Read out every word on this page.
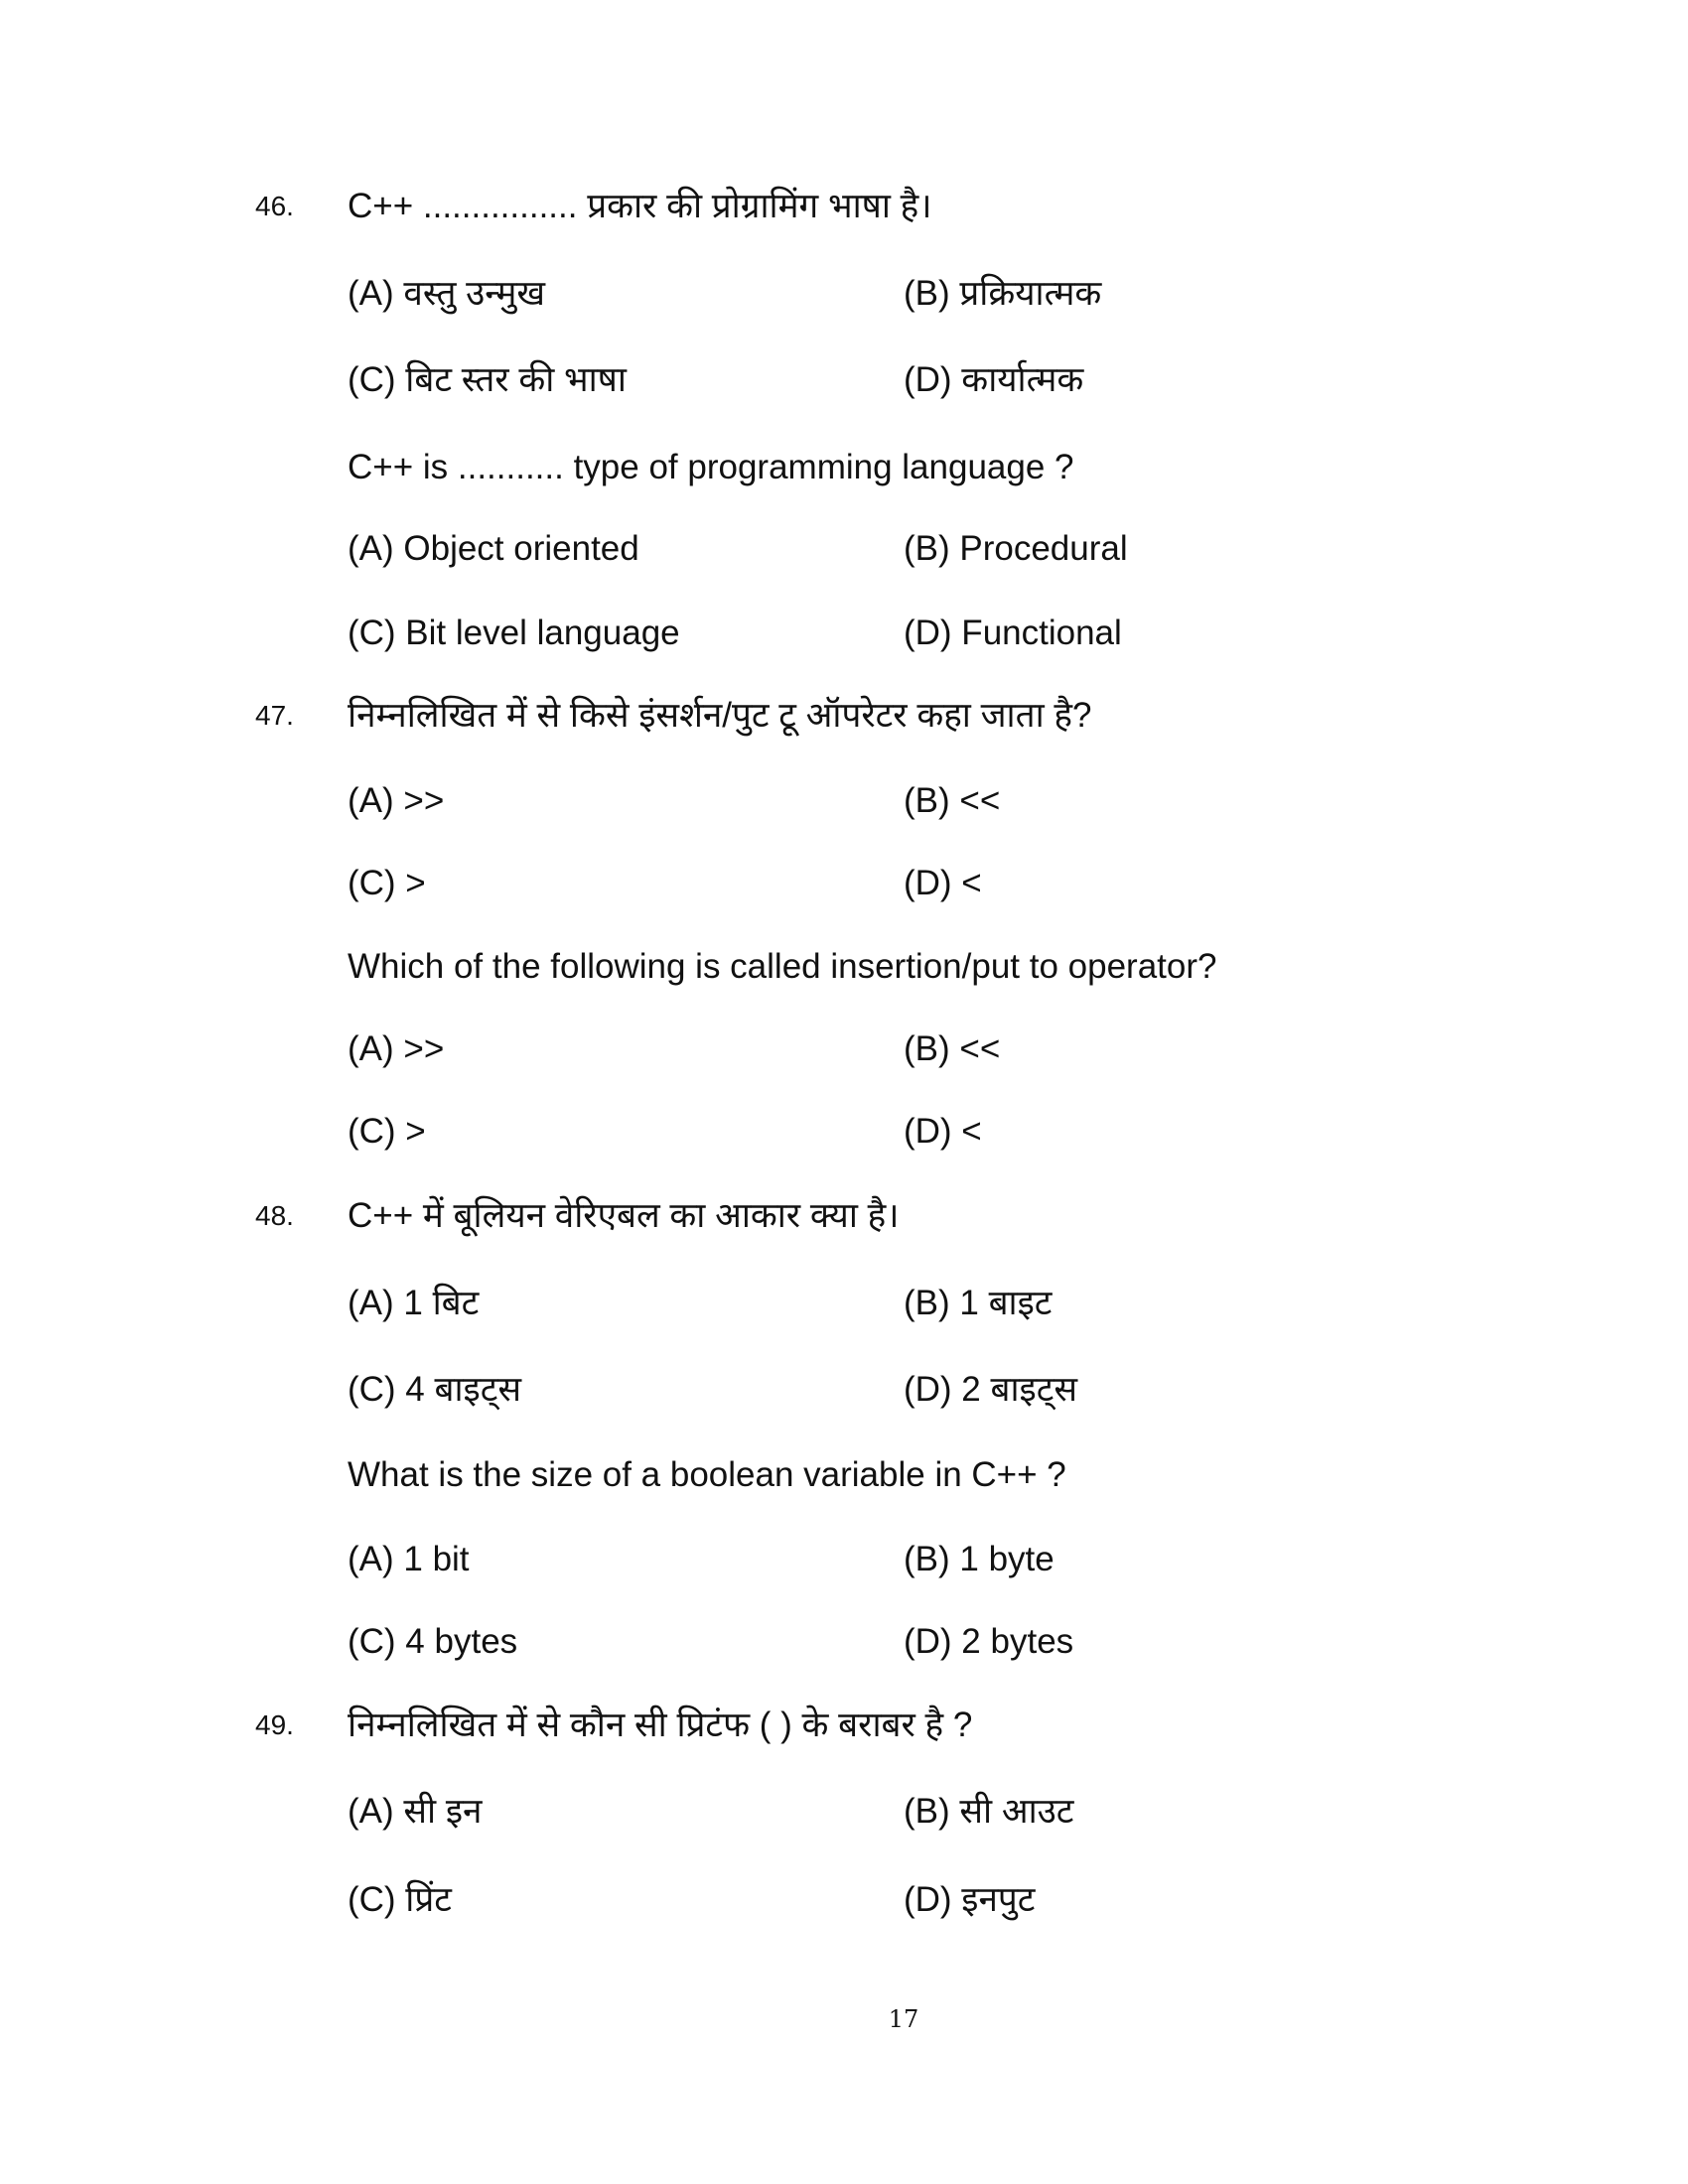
46. C++ ................ प्रकार की प्रोग्रामिंग भाषा है।
(A) वस्तु उन्मुख	(B) प्रक्रियात्मक
(C) बिट स्तर की भाषा	(D) कार्यात्मक
C++ is ........... type of programming language ?
(A) Object oriented	(B) Procedural
(C) Bit level language	(D) Functional
47. निम्नलिखित में से किसे इंसर्शन/पुट टू ऑपरेटर कहा जाता है?
(A) >>	(B) <<
(C) >	(D) <
Which of the following is called insertion/put to operator?
(A) >>	(B) <<
(C) >	(D) <
48. C++ में बूलियन वेरिएबल का आकार क्या है।
(A) 1 बिट	(B) 1 बाइट
(C) 4 बाइट्स	(D) 2 बाइट्स
What is the size of a boolean variable in C++ ?
(A) 1 bit	(B) 1 byte
(C) 4 bytes	(D) 2 bytes
49. निम्नलिखित में से कौन सी प्रिटंफ ( ) के बराबर है ?
(A) सी इन	(B) सी आउट
(C) प्रिंट	(D) इनपुट
17
